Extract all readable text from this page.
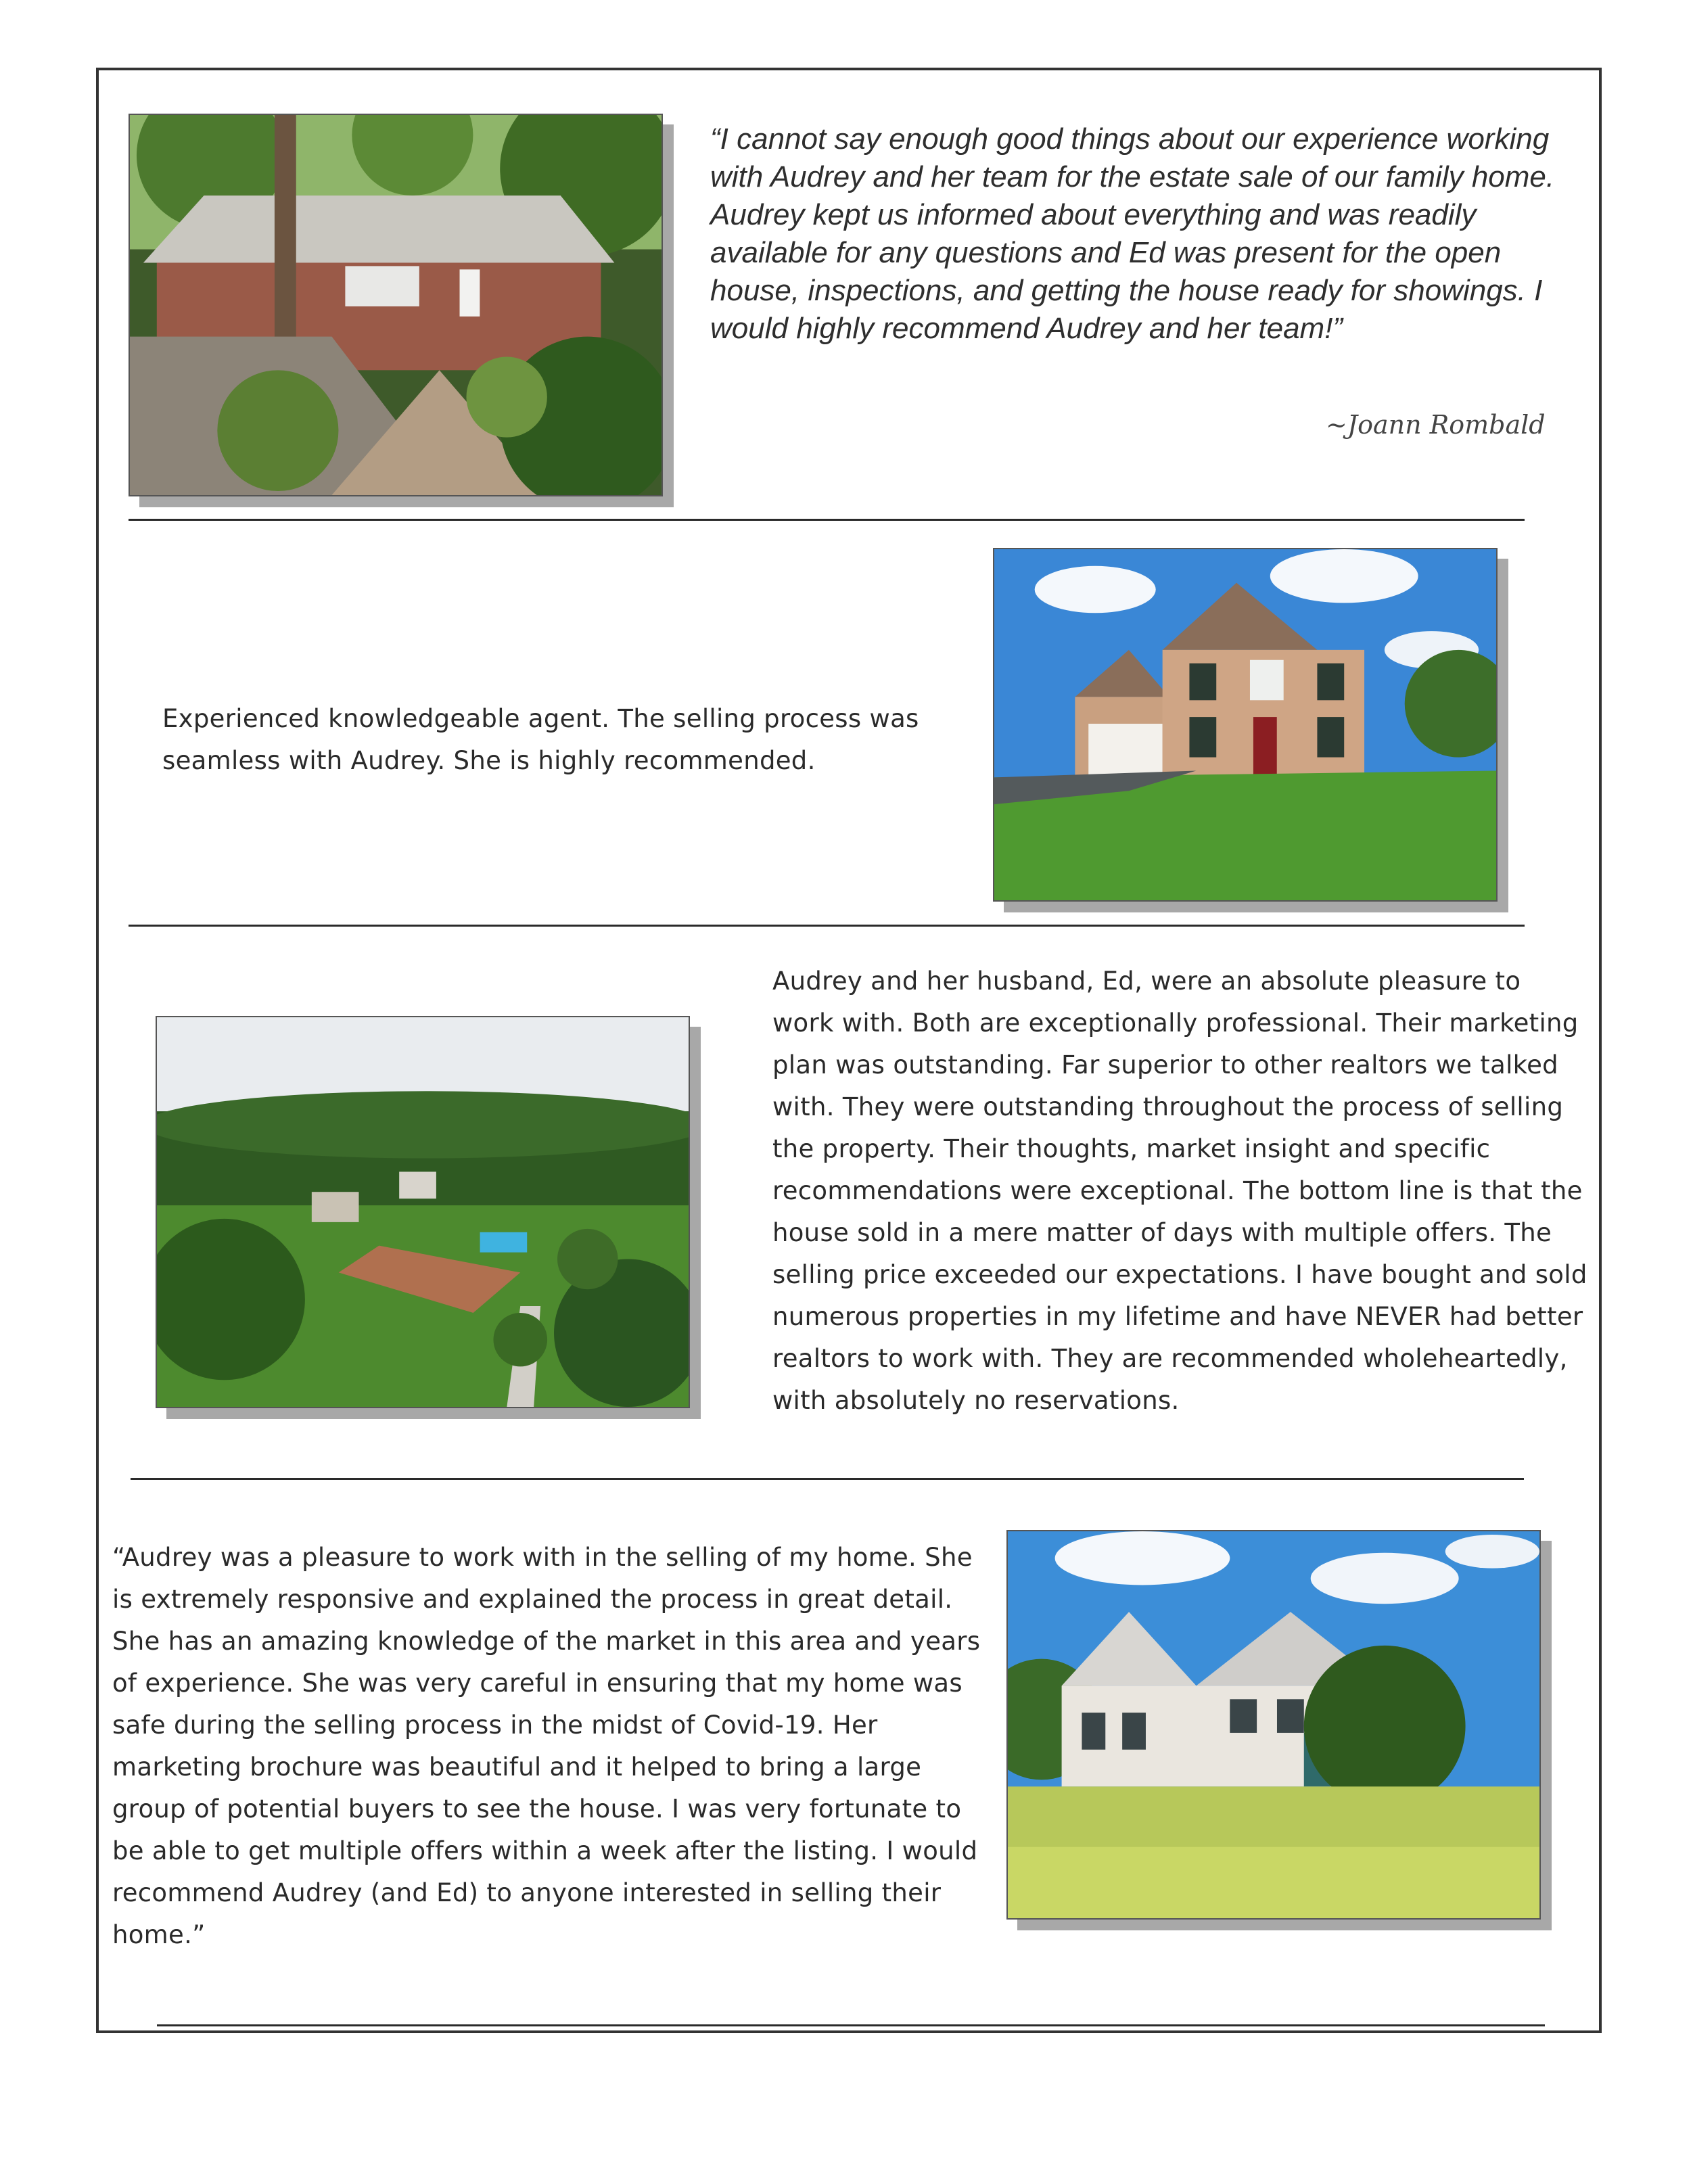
“I cannot say enough good things about our experience working with Audrey and her team for the estate sale of our family home. Audrey kept us informed about everything and was readily available for any questions and Ed was present for the open house, inspections, and getting the house ready for showings. I would highly recommend Audrey and her team!”
~Joann Rombald
Experienced knowledgeable agent. The selling process was seamless with Audrey. She is highly recommended.
Audrey and her husband, Ed, were an absolute pleasure to work with. Both are exceptionally professional. Their marketing plan was outstanding. Far superior to other realtors we talked with. They were outstanding throughout the process of selling the property. Their thoughts, market insight and specific recommendations were exceptional. The bottom line is that the house sold in a mere matter of days with multiple offers. The selling price exceeded our expectations. I have bought and sold numerous properties in my lifetime and have NEVER had better realtors to work with. They are recommended wholeheartedly, with absolutely no reservations.
“Audrey was a pleasure to work with in the selling of my home. She is extremely responsive and explained the process in great detail. She has an amazing knowledge of the market in this area and years of experience. She was very careful in ensuring that my home was safe during the selling process in the midst of Covid-19. Her marketing brochure was beautiful and it helped to bring a large group of potential buyers to see the house. I was very fortunate to be able to get multiple offers within a week after the listing. I would recommend Audrey (and Ed) to anyone interested in selling their home.”
